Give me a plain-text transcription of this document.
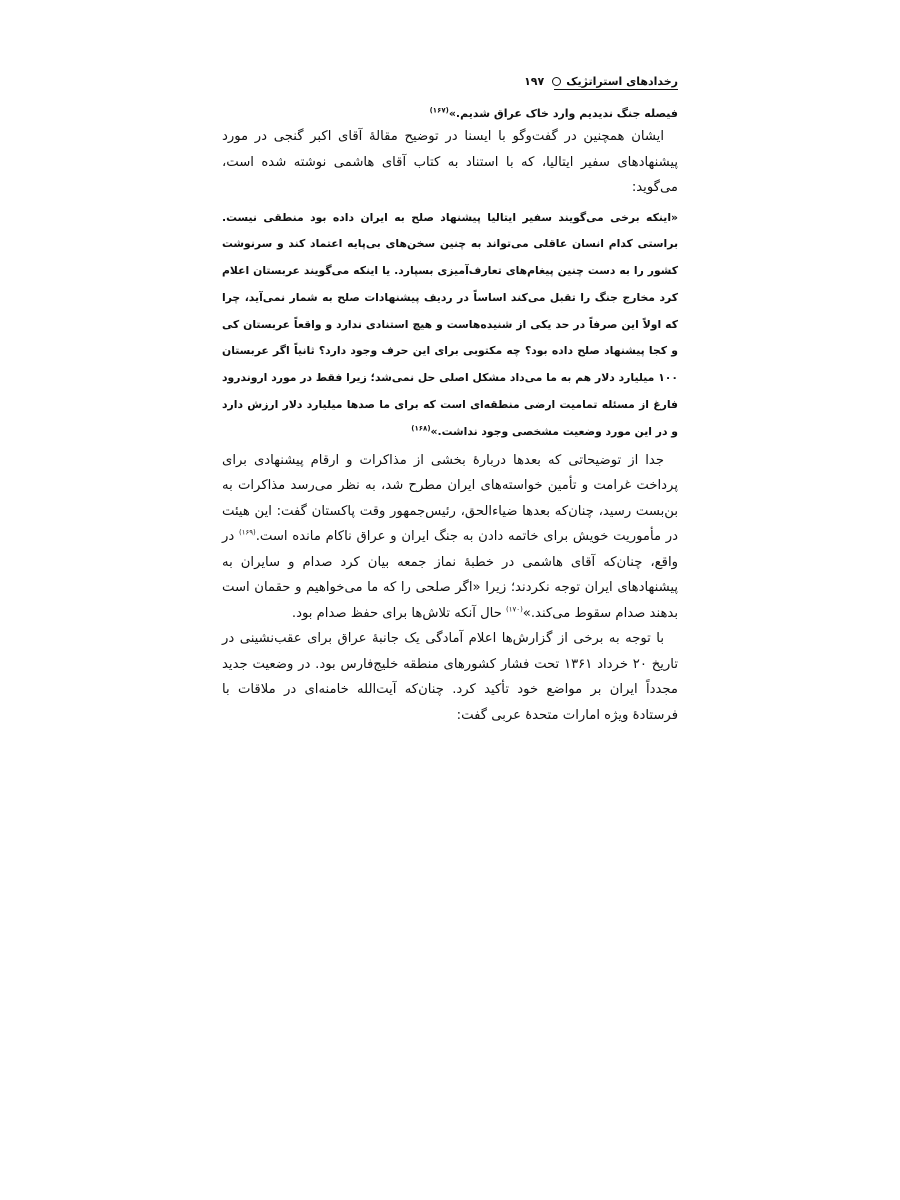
رخدادهای استراتژیک
۱۹۷
فیصله جنگ ندیدیم وارد خاک عراق شدیم.»$^{(۱۶۷)}$

ایشان همچنین در گفت‌وگو با ایسنا در توضیح مقالهٔ آقای اکبر گنجی در مورد پیشنهادهای سفیر ایتالیا، که با استناد به کتاب آقای هاشمی نوشته شده است، می‌گوید:

«اینکه برخی می‌گویند سفیر ایتالیا پیشنهاد صلح به ایران داده بود منطقی نیست. براستی کدام انسان عاقلی می‌تواند به چنین سخن‌های بی‌پایه اعتماد کند و سرنوشت کشور را به دست چنین پیغام‌های تعارف‌آمیزی بسپارد. یا اینکه می‌گویند عربستان اعلام کرد مخارج جنگ را تقبل می‌کند اساساً در ردیف پیشنهادات صلح به شمار نمی‌آید، چرا که اولاً این صرفاً در حد یکی از شنیده‌هاست و هیچ استنادی ندارد و واقعاً عربستان کی و کجا پیشنهاد صلح داده بود؟ چه مکتوبی برای این حرف وجود دارد؟ ثانیاً اگر عربستان ۱۰۰ میلیارد دلار هم به ما می‌داد مشکل اصلی حل نمی‌شد؛ زیرا فقط در مورد اروندرود فارغ از مسئله تمامیت ارضی منطقه‌ای است که برای ما صدها میلیارد دلار ارزش دارد و در این مورد وضعیت مشخصی وجود نداشت.»$^{(۱۶۸)}$

جدا از توضیحاتی که بعدها دربارهٔ بخشی از مذاکرات و ارقام پیشنهادی برای پرداخت غرامت و تأمین خواسته‌های ایران مطرح شد، به نظر می‌رسد مذاکرات به بن‌بست رسید، چنان‌که بعدها ضیاءالحق، رئیس‌جمهور وقت پاکستان گفت: این هیئت در مأموریت خویش برای خاتمه دادن به جنگ ایران و عراق ناکام مانده است.$^{(۱۶۹)}$ در واقع، چنان‌که آقای هاشمی در خطبهٔ نماز جمعه بیان کرد صدام و سایران به پیشنهادهای ایران توجه نکردند؛ زیرا «اگر صلحی را که ما می‌خواهیم و حقمان است بدهند صدام سقوط می‌کند.»$^{(۱۷۰)}$ حال آنکه تلاش‌ها برای حفظ صدام بود.

با توجه به برخی از گزارش‌ها اعلام آمادگی یک جانبهٔ عراق برای عقب‌نشینی در تاریخ ۲۰ خرداد ۱۳۶۱ تحت فشار کشورهای منطقه خلیج‌فارس بود. در وضعیت جدید مجدداً ایران بر مواضع خود تأکید کرد. چنان‌که آیت‌الله خامنه‌ای در ملاقات با فرستادهٔ ویژه امارات متحدهٔ عربی گفت:
